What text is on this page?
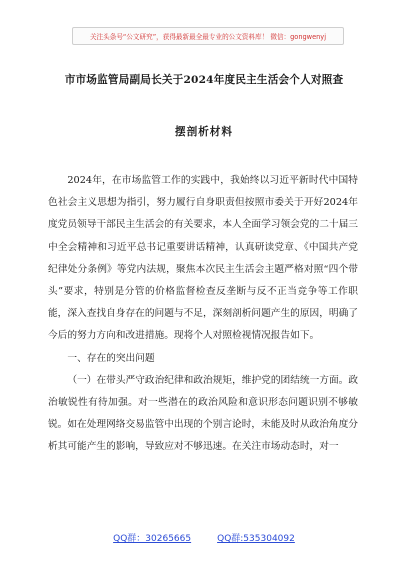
关注头条号“公文研究”，获得最新最全最专业的公文资料库！ 微信：gongwenyj
市市场监管局副局长关于2024年度民主生活会个人对照查
摆剖析材料

2024年，在市场监管工作的实践中，我始终以习近平新时代中国特色社会主义思想为指引，努力履行自身职责但按照市委关于开好2024年度党员领导干部民主生活会的有关要求，本人全面学习领会党的二十届三中全会精神和习近平总书记重要讲话精神，认真研读党章、《中国共产党纪律处分条例》等党内法规，聚焦本次民主生活会主题严格对照“四个带头”要求，特别是分管的价格监督检查反垄断与反不正当竞争等工作职能，深入查找自身存在的问题与不足，深刻剖析问题产生的原因，明确了今后的努力方向和改进措施。现将个人对照检视情况报告如下。

一、存在的突出问题

（一）在带头严守政治纪律和政治规矩，维护党的团结统一方面。政治敏锐性有待加强。对一些潜在的政治风险和意识形态问题识别不够敏锐。如在处理网络交易监管中出现的个别言论时，未能及时从政治角度分析其可能产生的影响，导致应对不够迅速。在关注市场动态时，对一

QQ群：30265665	QQ群:535304092
